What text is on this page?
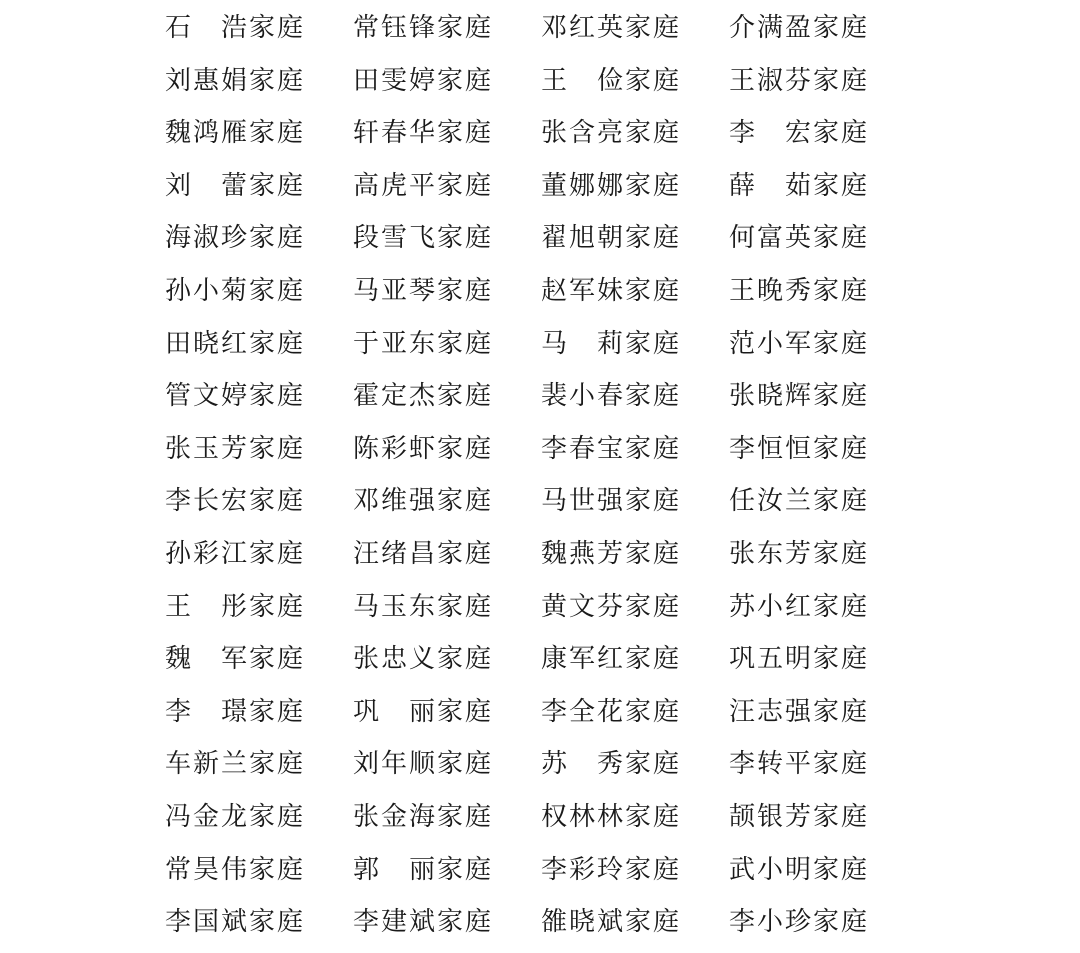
石　浩家庭	常钰锋家庭	邓红英家庭	介满盈家庭
刘惠娟家庭	田雯婷家庭	王　俭家庭	王淑芬家庭
魏鸿雁家庭	轩春华家庭	张含亮家庭	李　宏家庭
刘　蕾家庭	高虎平家庭	董娜娜家庭	薛　茹家庭
海淑珍家庭	段雪飞家庭	翟旭朝家庭	何富英家庭
孙小菊家庭	马亚琴家庭	赵军妹家庭	王晚秀家庭
田晓红家庭	于亚东家庭	马　莉家庭	范小军家庭
管文婷家庭	霍定杰家庭	裴小春家庭	张晓辉家庭
张玉芳家庭	陈彩虾家庭	李春宝家庭	李恒恒家庭
李长宏家庭	邓维强家庭	马世强家庭	任汝兰家庭
孙彩江家庭	汪绪昌家庭	魏燕芳家庭	张东芳家庭
王　彤家庭	马玉东家庭	黄文芬家庭	苏小红家庭
魏　军家庭	张忠义家庭	康军红家庭	巩五明家庭
李　璟家庭	巩　丽家庭	李全花家庭	汪志强家庭
车新兰家庭	刘年顺家庭	苏　秀家庭	李转平家庭
冯金龙家庭	张金海家庭	权林林家庭	颉银芳家庭
常昊伟家庭	郭　丽家庭	李彩玲家庭	武小明家庭
李国斌家庭	李建斌家庭	雒晓斌家庭	李小珍家庭
